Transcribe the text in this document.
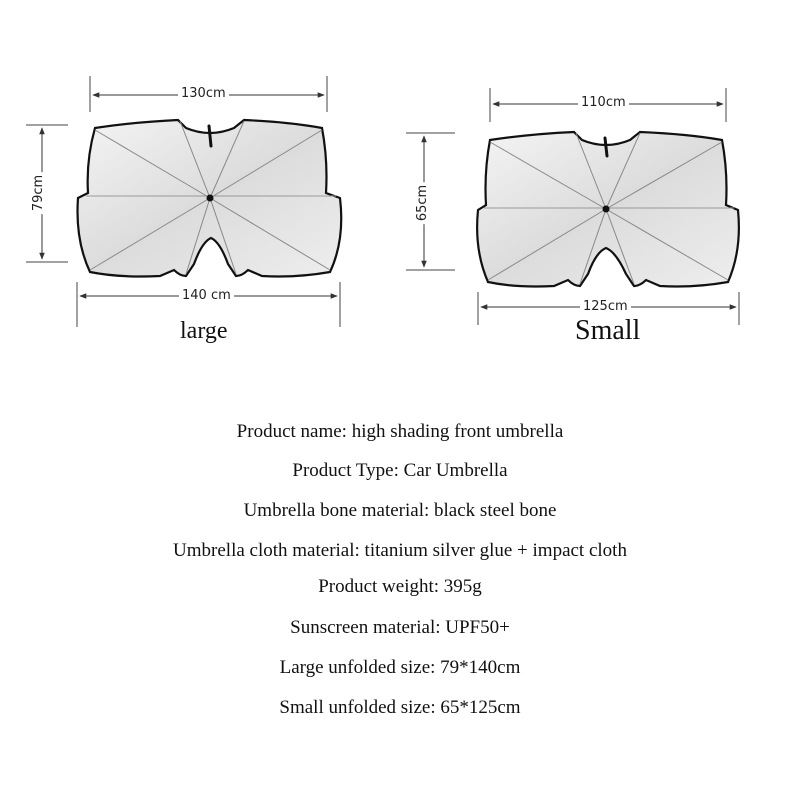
130cm
79cm
140 cm
110cm
65cm
125cm
large	Small
Product name: high shading front umbrella
Product Type: Car Umbrella
Umbrella bone material: black steel bone
Umbrella cloth material: titanium silver glue + impact cloth
Product weight: 395g
Sunscreen material: UPF50+
Large unfolded size: 79*140cm
Small unfolded size: 65*125cm
